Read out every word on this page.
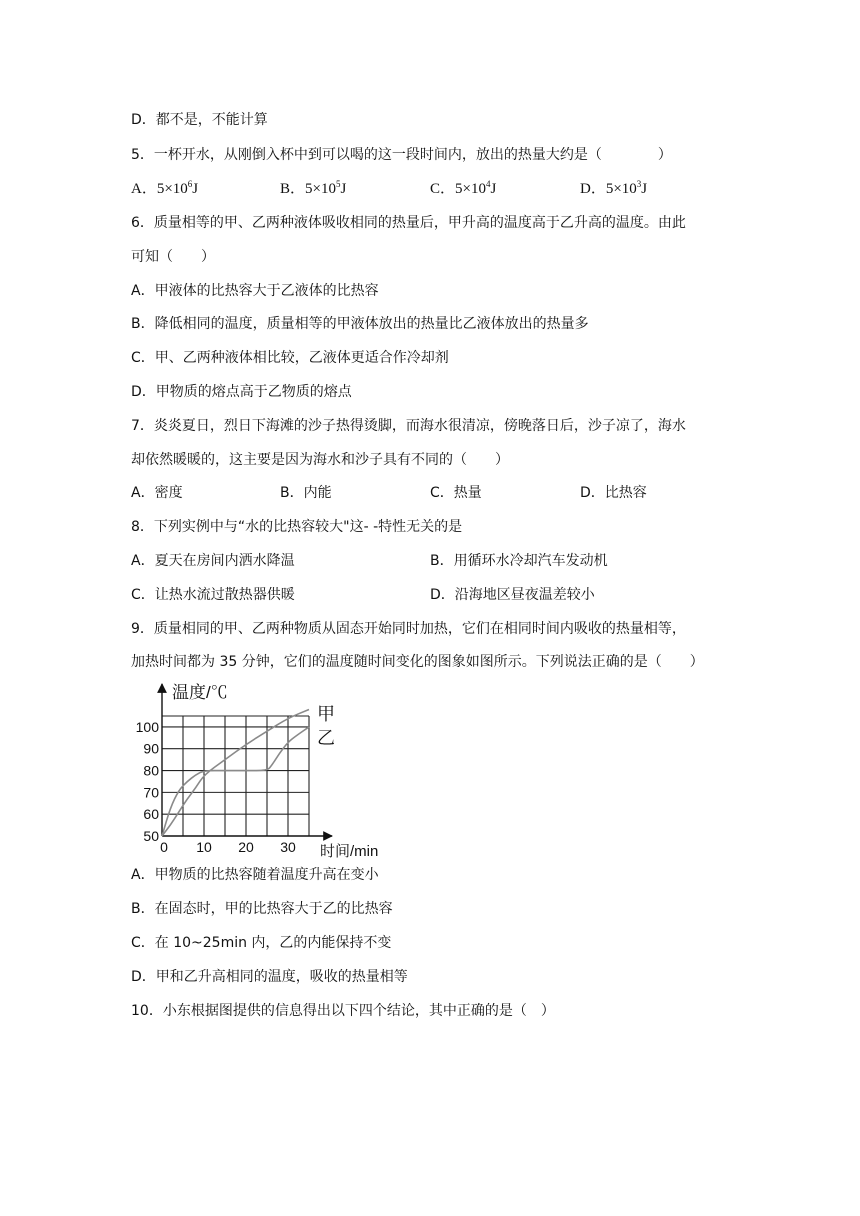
D．都不是，不能计算
5．一杯开水，从刚倒入杯中到可以喝的这一段时间内，放出的热量大约是（　　　　）
A．$5\times 10^6J$	B．$5\times 10^5J$	C．$5\times 10^4J$	D．$5\times 10^3J$
6．质量相等的甲、乙两种液体吸收相同的热量后，甲升高的温度高于乙升高的温度。由此
可知（　　）
A．甲液体的比热容大于乙液体的比热容
B．降低相同的温度，质量相等的甲液体放出的热量比乙液体放出的热量多
C．甲、乙两种液体相比较，乙液体更适合作冷却剂
D．甲物质的熔点高于乙物质的熔点
7．炎炎夏日，烈日下海滩的沙子热得烫脚，而海水很清凉，傍晚落日后，沙子凉了，海水
却依然暖暖的，这主要是因为海水和沙子具有不同的（　　）
A．密度	B．内能	C．热量	D．比热容
8．下列实例中与“水的比热容较大"这- -特性无关的是
A．夏天在房间内洒水降温	B．用循环水冷却汽车发动机
C．让热水流过散热器供暖	D．沿海地区昼夜温差较小
9．质量相同的甲、乙两种物质从固态开始同时加热，它们在相同时间内吸收的热量相等，
加热时间都为 35 分钟，它们的温度随时间变化的图象如图所示。下列说法正确的是（　　）
50
60
70
80
90
100
0 10 20 30
温度/℃
时间/min
甲
乙
A．甲物质的比热容随着温度升高在变小
B．在固态时，甲的比热容大于乙的比热容
C．在 10~25min 内，乙的内能保持不变
D．甲和乙升高相同的温度，吸收的热量相等
10．小东根据图提供的信息得出以下四个结论，其中正确的是（　）
